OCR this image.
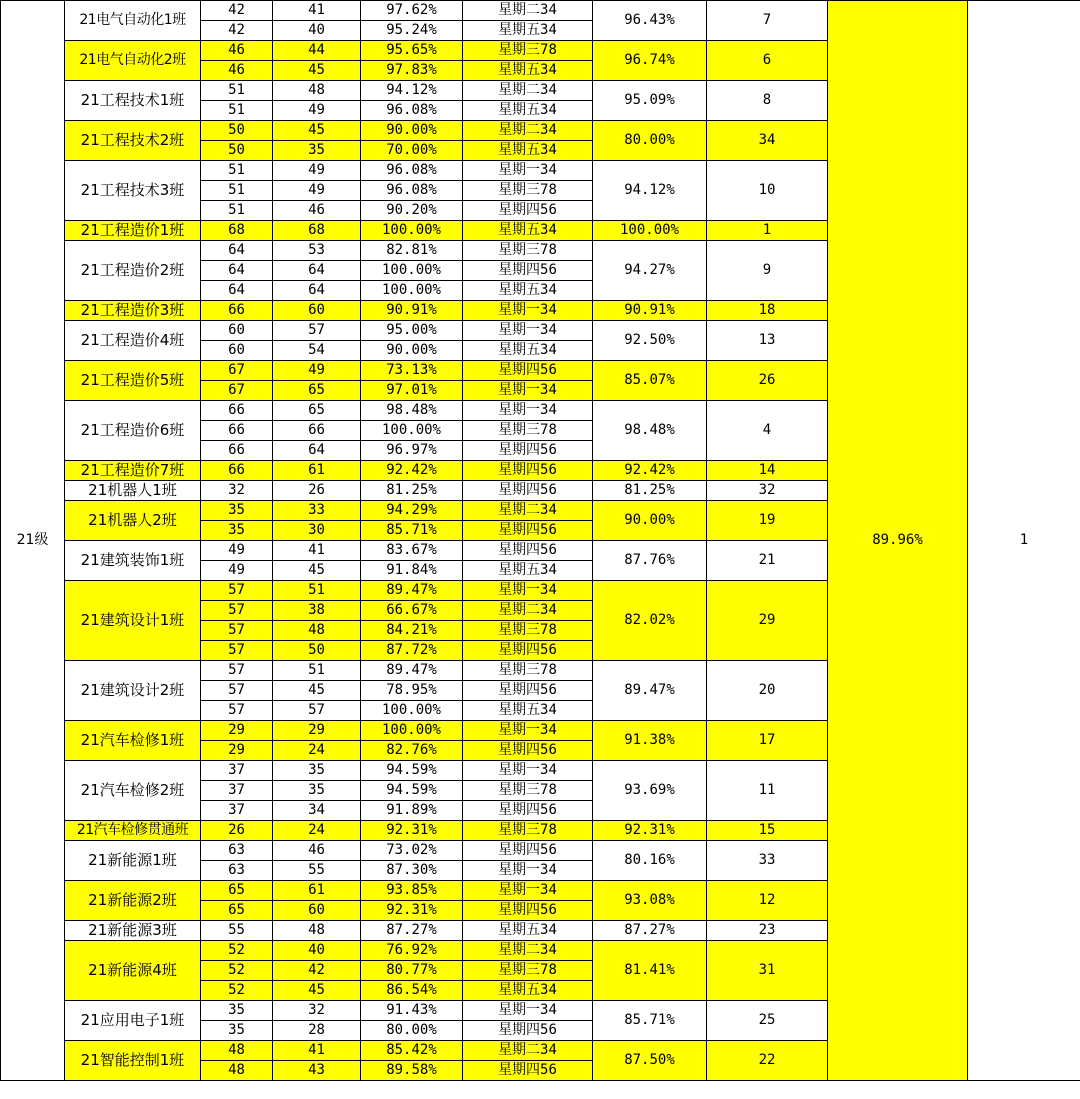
21级	21电气自动化1班	42	41	97.62%	星期二34	96.43%	7	89.96%	1
		42	40	95.24%	星期五34				
	21电气自动化2班	46	44	95.65%	星期三78	96.74%	6		
		46	45	97.83%	星期五34				
	21工程技术1班	51	48	94.12%	星期二34	95.09%	8		
		51	49	96.08%	星期五34				
	21工程技术2班	50	45	90.00%	星期二34	80.00%	34		
		50	35	70.00%	星期五34				
	21工程技术3班	51	49	96.08%	星期一34	94.12%	10		
		51	49	96.08%	星期三78				
		51	46	90.20%	星期四56				
	21工程造价1班	68	68	100.00%	星期五34	100.00%	1		
	21工程造价2班	64	53	82.81%	星期三78	94.27%	9		
		64	64	100.00%	星期四56				
		64	64	100.00%	星期五34				
	21工程造价3班	66	60	90.91%	星期一34	90.91%	18		
	21工程造价4班	60	57	95.00%	星期一34	92.50%	13		
		60	54	90.00%	星期五34				
	21工程造价5班	67	49	73.13%	星期四56	85.07%	26		
		67	65	97.01%	星期一34				
	21工程造价6班	66	65	98.48%	星期一34	98.48%	4		
		66	66	100.00%	星期三78				
		66	64	96.97%	星期四56				
	21工程造价7班	66	61	92.42%	星期四56	92.42%	14		
	21机器人1班	32	26	81.25%	星期四56	81.25%	32		
	21机器人2班	35	33	94.29%	星期二34	90.00%	19		
		35	30	85.71%	星期四56				
	21建筑装饰1班	49	41	83.67%	星期四56	87.76%	21		
		49	45	91.84%	星期五34				
	21建筑设计1班	57	51	89.47%	星期一34	82.02%	29		
		57	38	66.67%	星期二34				
		57	48	84.21%	星期三78				
		57	50	87.72%	星期四56				
	21建筑设计2班	57	51	89.47%	星期三78	89.47%	20		
		57	45	78.95%	星期四56				
		57	57	100.00%	星期五34				
	21汽车检修1班	29	29	100.00%	星期一34	91.38%	17		
		29	24	82.76%	星期四56				
	21汽车检修2班	37	35	94.59%	星期一34	93.69%	11		
		37	35	94.59%	星期三78				
		37	34	91.89%	星期四56				
	21汽车检修贯通班	26	24	92.31%	星期三78	92.31%	15		
	21新能源1班	63	46	73.02%	星期四56	80.16%	33		
		63	55	87.30%	星期一34				
	21新能源2班	65	61	93.85%	星期一34	93.08%	12		
		65	60	92.31%	星期四56				
	21新能源3班	55	48	87.27%	星期五34	87.27%	23		
	21新能源4班	52	40	76.92%	星期二34	81.41%	31		
		52	42	80.77%	星期三78				
		52	45	86.54%	星期五34				
	21应用电子1班	35	32	91.43%	星期一34	85.71%	25		
		35	28	80.00%	星期四56				
	21智能控制1班	48	41	85.42%	星期二34	87.50%	22		
		48	43	89.58%	星期四56				
